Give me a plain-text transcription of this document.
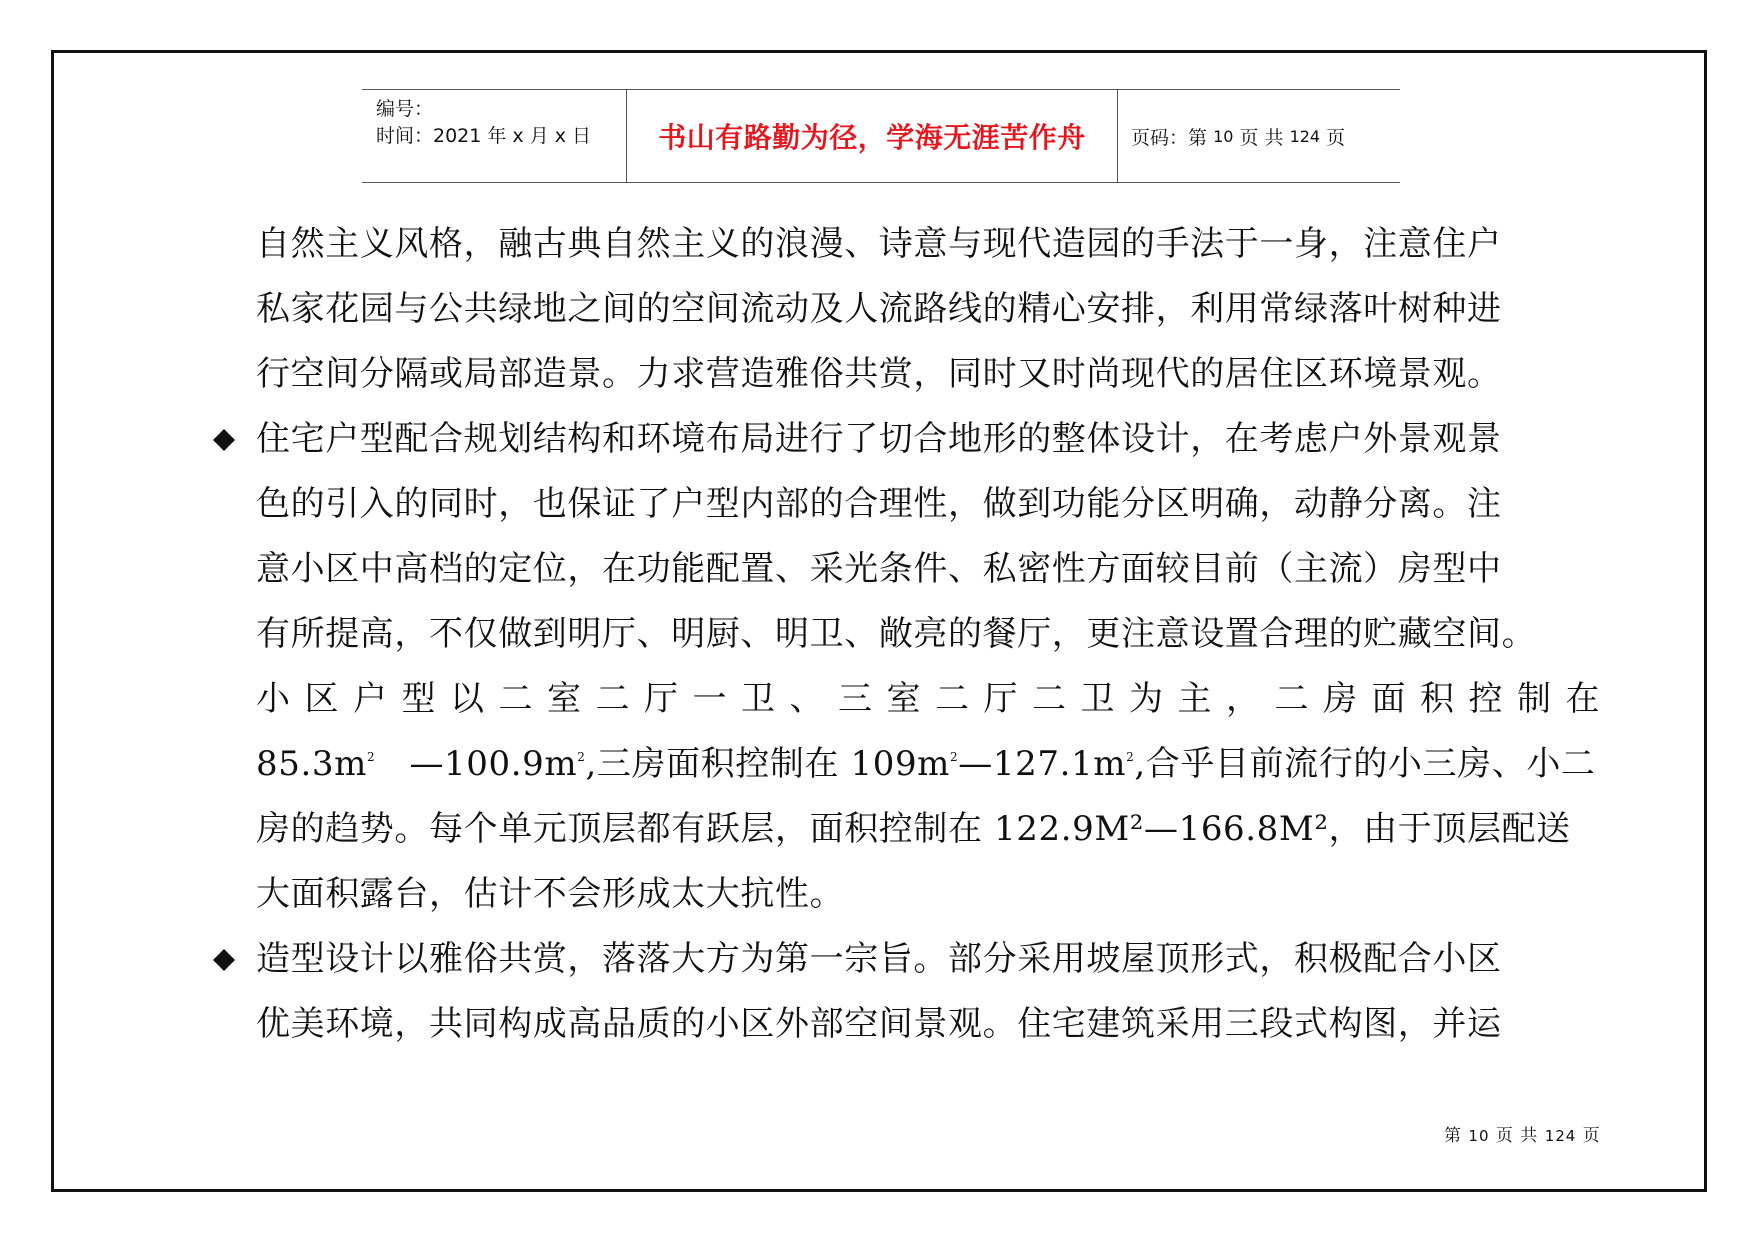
编号：
时间：2021 年 x 月 x 日	书山有路勤为径，学海无涯苦作舟 页码：第
10
页 共
124
页
自然主义风格，融古典自然主义的浪漫、诗意与现代造园的手法于一身，注意住户
私家花园与公共绿地之间的空间流动及人流路线的精心安排，利用常绿落叶树种进
行空间分隔或局部造景。力求营造雅俗共赏，同时又时尚现代的居住区环境景观。
住宅户型配合规划结构和环境布局进行了切合地形的整体设计，在考虑户外景观景
色的引入的同时，也保证了户型内部的合理性，做到功能分区明确，动静分离。注
意小区中高档的定位，在功能配置、采光条件、私密性方面较目前（主流）房型中
有所提高，不仅做到明厅、明厨、明卫、敞亮的餐厅，更注意设置合理的贮藏空间。
小区户型以二室二厅一卫、三室二厅二卫为主，二房面积控制在
$85.3m^2$ $—100.9m^2$,三房面积控制在 $109m^2—127.1m^2$,合乎目前流行的小三房、小二
房的趋势。每个单元顶层都有跃层，面积控制在 122.9M²—166.8M²，由于顶层配送
大面积露台，估计不会形成太大抗性。
造型设计以雅俗共赏，落落大方为第一宗旨。部分采用坡屋顶形式，积极配合小区
优美环境，共同构成高品质的小区外部空间景观。住宅建筑采用三段式构图，并运
第 10 页 共 124 页
